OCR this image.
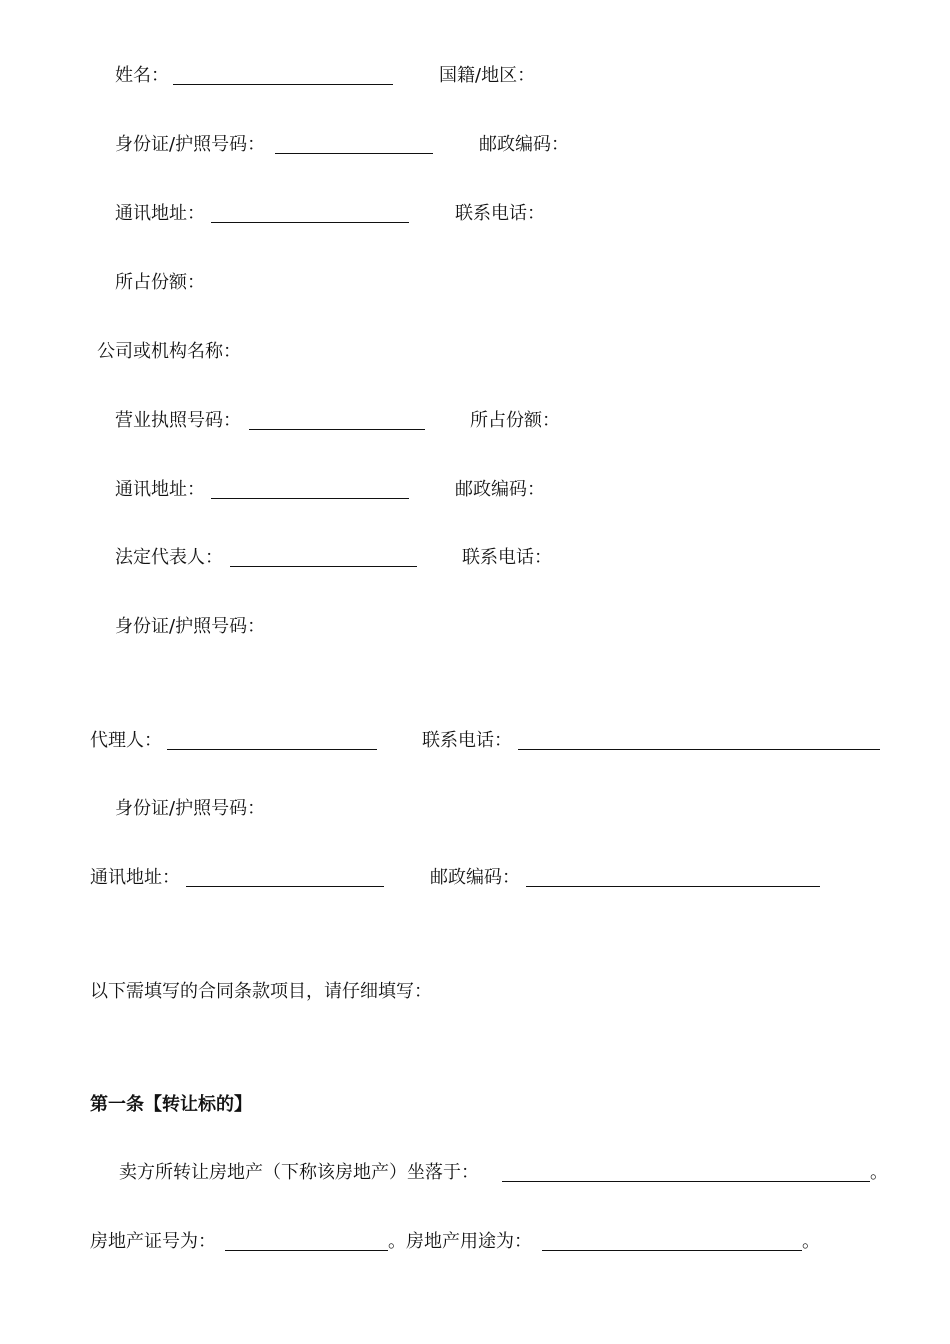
姓名：	国籍/地区：
身份证/护照号码：	邮政编码：
通讯地址：	联系电话：
所占份额：
公司或机构名称：
营业执照号码：	所占份额：
通讯地址：	邮政编码：
法定代表人：	联系电话：
身份证/护照号码：
代理人：	联系电话：
身份证/护照号码：
通讯地址：	邮政编码：
以下需填写的合同条款项目，请仔细填写：
第一条【转让标的】
卖方所转让房地产（下称该房地产）坐落于：	。
房地产证号为：	。房地产用途为：	。
